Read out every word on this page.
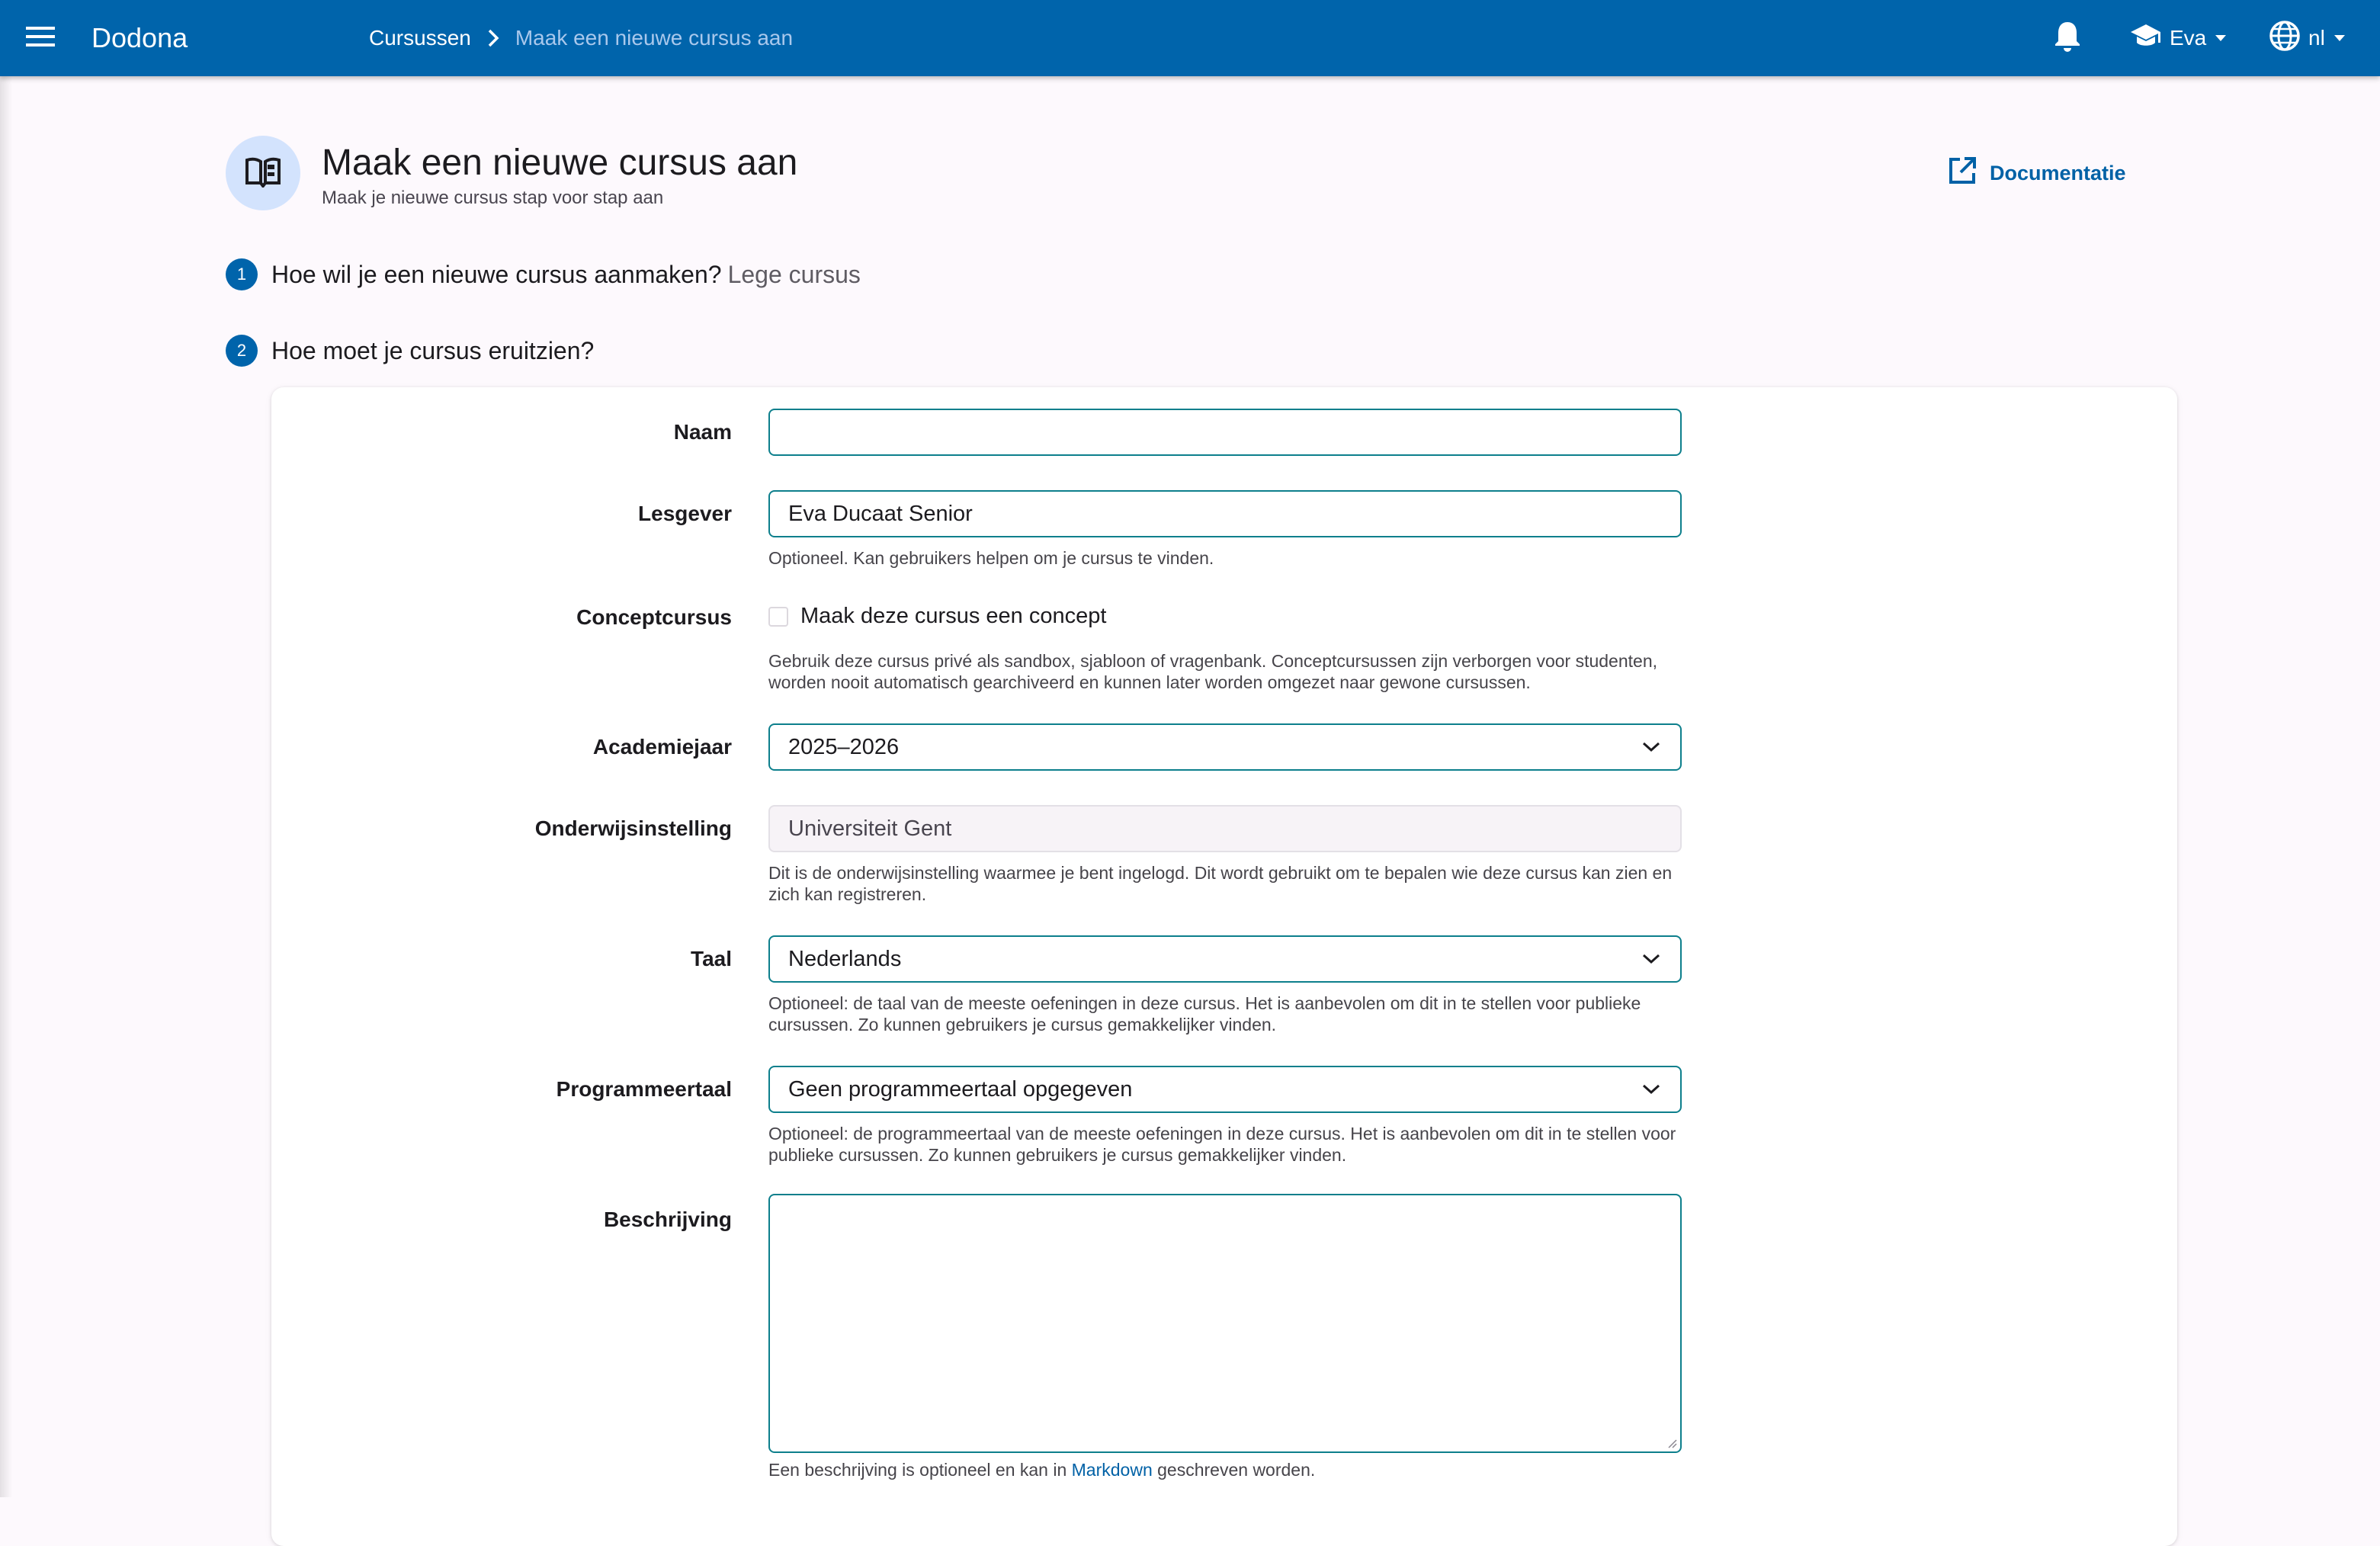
Dodona	Cursussen Maak een nieuwe cursus aan	Eva	nl
Maak een nieuwe cursus aan
Maak je nieuwe cursus stap voor stap aan
Documentatie
1	Hoe wil je een nieuwe cursus aanmaken? Lege cursus
2	Hoe moet je cursus eruitzien?
Naam
Lesgever	Eva Ducaat Senior
Optioneel. Kan gebruikers helpen om je cursus te vinden.
Conceptcursus	Maak deze cursus een concept
Gebruik deze cursus privé als sandbox, sjabloon of vragenbank. Conceptcursussen zijn verborgen voor studenten, worden nooit automatisch gearchiveerd en kunnen later worden omgezet naar gewone cursussen.
Academiejaar	2025–2026
Onderwijsinstelling	Universiteit Gent
Dit is de onderwijsinstelling waarmee je bent ingelogd. Dit wordt gebruikt om te bepalen wie deze cursus kan zien en zich kan registreren.
Taal	Nederlands
Optioneel: de taal van de meeste oefeningen in deze cursus. Het is aanbevolen om dit in te stellen voor publieke cursussen. Zo kunnen gebruikers je cursus gemakkelijker vinden.
Programmeertaal	Geen programmeertaal opgegeven
Optioneel: de programmeertaal van de meeste oefeningen in deze cursus. Het is aanbevolen om dit in te stellen voor publieke cursussen. Zo kunnen gebruikers je cursus gemakkelijker vinden.
Beschrijving
Een beschrijving is optioneel en kan in Markdown geschreven worden.
